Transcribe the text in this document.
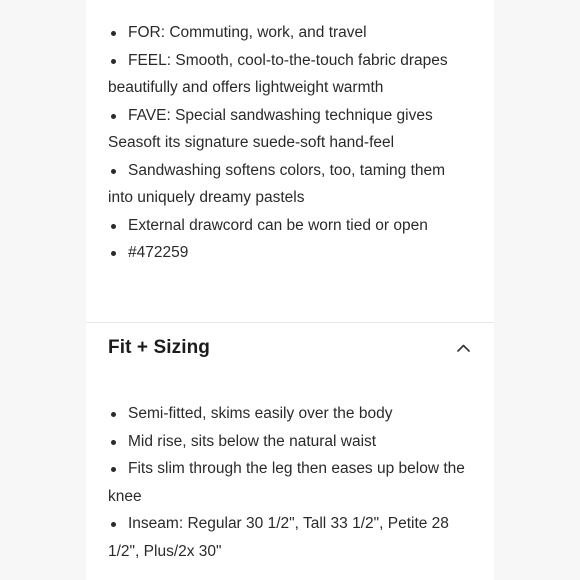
FOR: Commuting, work, and travel
FEEL: Smooth, cool-to-the-touch fabric drapes beautifully and offers lightweight warmth
FAVE: Special sandwashing technique gives Seasoft its signature suede-soft hand-feel
Sandwashing softens colors, too, taming them into uniquely dreamy pastels
External drawcord can be worn tied or open
#472259
Fit + Sizing
Semi-fitted, skims easily over the body
Mid rise, sits below the natural waist
Fits slim through the leg then eases up below the knee
Inseam: Regular 30 1/2", Tall 33 1/2", Petite 28 1/2", Plus/2x 30"
